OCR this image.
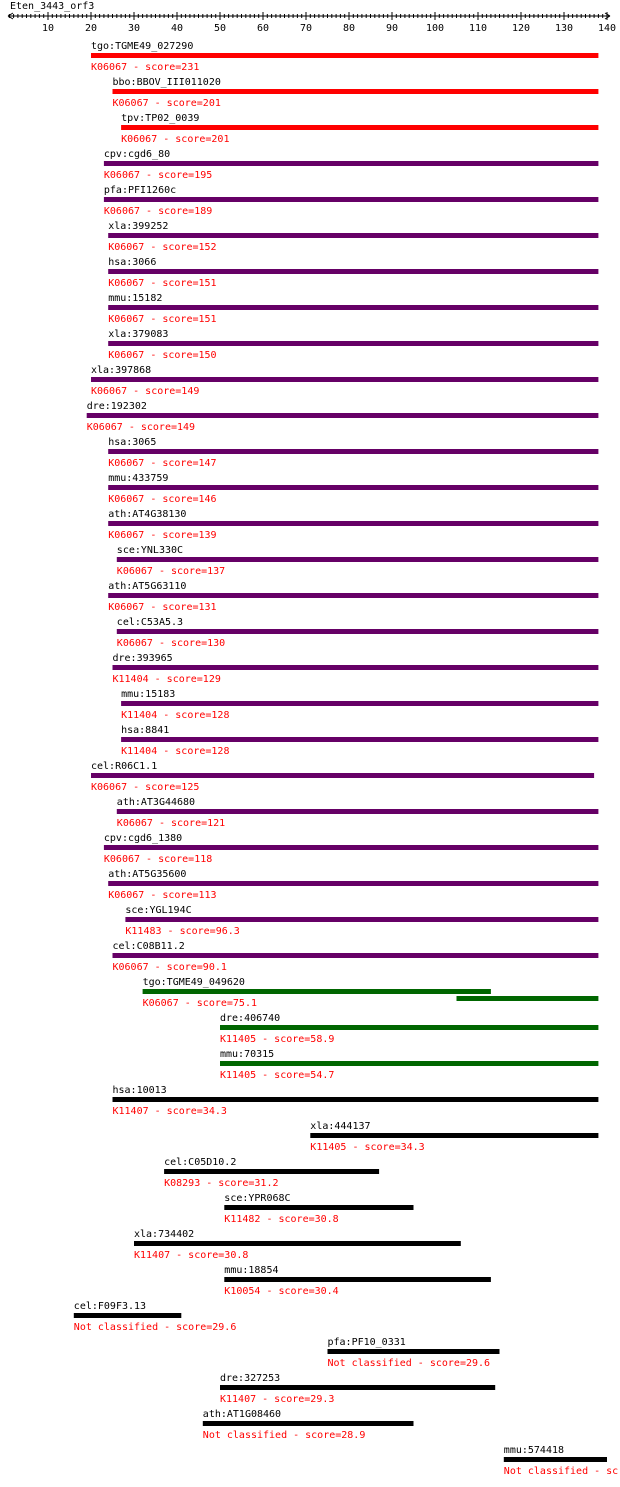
Eten_3443_orf3
10	20	30	40	50	60	70	80	90	100 110 120 130 140
tgo:TGME49_027290
K06067 - score=231
bbo:BBOV_III011020
K06067 - score=201
tpv:TP02_0039
K06067 - score=201
cpv:cgd6_80
K06067 - score=195
pfa:PFI1260c
K06067 - score=189
xla:399252
K06067 - score=152
hsa:3066
K06067 - score=151
mmu:15182
K06067 - score=151
xla:379083
K06067 - score=150
xla:397868
K06067 - score=149
dre:192302
K06067 - score=149
hsa:3065
K06067 - score=147
mmu:433759
K06067 - score=146
ath:AT4G38130
K06067 - score=139
sce:YNL330C
K06067 - score=137
ath:AT5G63110
K06067 - score=131
cel:C53A5.3
K06067 - score=130
dre:393965
K11404 - score=129
mmu:15183
K11404 - score=128
hsa:8841
K11404 - score=128
cel:R06C1.1
K06067 - score=125
ath:AT3G44680
K06067 - score=121
cpv:cgd6_1380
K06067 - score=118
ath:AT5G35600
K06067 - score=113
sce:YGL194C
K11483 - score=96.3
cel:C08B11.2
K06067 - score=90.1
tgo:TGME49_049620
K06067 - score=75.1
dre:406740
K11405 - score=58.9
mmu:70315
K11405 - score=54.7
hsa:10013
K11407 - score=34.3
xla:444137
K11405 - score=34.3
cel:C05D10.2
K08293 - score=31.2
sce:YPR068C
K11482 - score=30.8
xla:734402
K11407 - score=30.8
mmu:18854
K10054 - score=30.4
cel:F09F3.13
Not classified - score=29.6
pfa:PF10_0331
Not classified - score=29.6
dre:327253
K11407 - score=29.3
ath:AT1G08460
Not classified - score=28.9
mmu:574418
Not classified - sc
